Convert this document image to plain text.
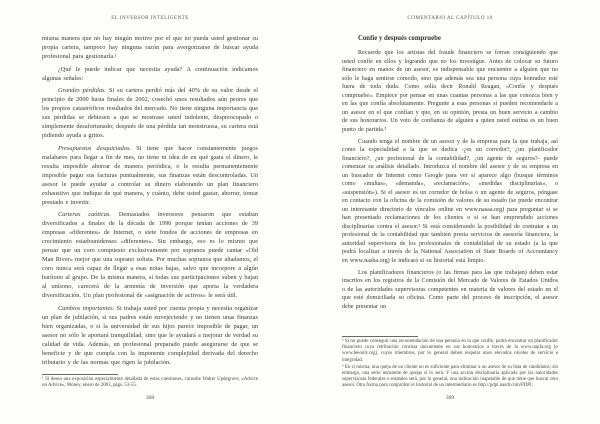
EL INVERSOR INTELIGENTE

misma manera que no hay ningún motivo por el que no pueda usted gestionar su propia cartera, tampoco hay ninguna razón para avergonzarse de buscar ayuda profesional para gestionarla.¹

¿Qué le puede indicar que necesita ayuda? A continuación indicamos algunas señales:

Grandes pérdidas. Si su cartera perdió más del 40% de su valor desde el principio de 2000 hasta finales de 2002, cosechó unos resultados aún peores que los propios catastróficos resultados del mercado. No tiene ninguna importancia que sus pérdidas se debiesen a que se mostrase usted indolente, despreocupado o simplemente desafortunado; después de una pérdida tan monstruosa, su cartera está pidiendo ayuda a gritos.

Presupuestos desquiciados. Si tiene que hacer constantemente juegos malabares para llegar a fin de mes, no tiene ni idea de en qué gasta el dinero, le resulta imposible ahorrar de manera periódica, o le resulta permanentemente imposible pagar sus facturas puntualmente, sus finanzas están descontroladas. Un asesor le puede ayudar a controlar su dinero elaborando un plan financiero exhaustivo que indique de qué manera, y cuánto, debe usted gastar, ahorrar, tomar prestado e invertir.

Carteras caóticas. Demasiados inversores pensaron que estaban diversificados a finales de la década de 1990 porque tenían acciones de 39 empresas «diferentes» de Internet, o siete fondos de acciones de empresas en crecimiento estadounidenses «diferentes». Sin embargo, eso es lo mismo que pensar que un coro compuesto exclusivamente por sopranos puede cantar «Old Man River» mejor que una soprano solista. Por muchas sopranos que añadamos, el coro nunca será capaz de llegar a esas notas bajas, salvo que incorpore a algún barítono al grupo. De la misma manera, si todas sus participaciones suben y bajan al unísono, carecerá de la armonía de inversión que aporta la verdadera diversificación. Un plan profesional de «asignación de activos» le será útil.

Cambios importantes. Si trabaja usted por cuenta propia y necesita organizar un plan de jubilación, si sus padres están envejeciendo y no tienen unas finanzas bien organizadas, o si la universidad de sus hijos parece imposible de pagar, un asesor no sólo le aportará tranquilidad, sino que le ayudará a mejorar de verdad su calidad de vida. Además, un profesional preparado puede asegurarse de que se beneficie y de que cumpla con la imponente complejidad derivada del derecho tributario y de las normas que rigen la jubilación.

¹ Si desea una exposición especialmente detallada de estas cuestiones, consulte Walter Updegrave, «Advice on Advice», Money, enero de 2003, págs. 53-55.

308
COMENTARIO AL CAPÍTULO 10
Confíe y después compruebe

Recuerde que los artistas del fraude financiero se forran consiguiendo que usted confíe en ellos y logrando que no los investigue. Antes de colocar su futuro financiero en manos de un asesor, es indispensable que encuentre a alguien que no sólo le haga sentirse cómodo, sino que además sea una persona cuya honradez esté fuera de toda duda. Como solía decir Ronald Reagan, «Confíe y después compruebe». Empiece por pensar en unas cuantas personas a las que conozca bien y en las que confía absolutamente. Pregunte a esas personas si pueden recomendarle a un asesor en el que confían y que, en su opinión, presta un buen servicio a cambio de sus honorarios. Un voto de confianza de alguien a quien usted estima es un buen punto de partida.²

Cuando tenga el nombre de un asesor y de la empresa para la que trabaja, así como la especialidad a la que se dedica -¿es un corredor?, ¿un planificador financiero?, ¿un profesional de la contabilidad?, ¿un agente de seguros?- puede comenzar su análisis detallado. Introduzca el nombre del asesor y de su empresa en un buscador de Internet como Google para ver si aparece algo (busque términos como «multas», «demanda», «reclamación», «medidas disciplinarias», o «suspensión»). Si el asesor es un corredor de bolsa o un agente de seguros, póngase en contacto con la oficina de la comisión de valores de su estado (se puede encontrar un interesante directorio de vínculos online en www.nasaa.org) para preguntar si se han presentado reclamaciones de los clientes o si se han emprendido acciones disciplinarias contra el asesor.³ Si está considerando la posibilidad de contratar a un profesional de la contabilidad que también presta servicios de asesoría financiera, la autoridad supervisora de los profesionales de contabilidad de su estado (a la que podrá localizar a través de la National Association of State Boards of Accountancy en www.nasba.org) le indicará si su historial está limpio.

Los planificadores financieros (o las firmas para las que trabajan) deben estar inscritos en los registros de la Comisión del Mercado de Valores de Estados Unidos o de las autoridades supervisoras competentes en materia de valores del estado en el que esté domiciliada su oficina. Como parte del proceso de inscripción, el asesor debe presentar un

² Si no puede conseguir una recomendación de una persona en la que confíe, podrá encontrar un planificador financiero cuya retribución consista únicamente en sus honorarios a través de la www.napfa.org (o www.feeonly.org), cuyos miembros, por lo general deben respetar unos elevados niveles de servicio e integridad.

³ En sí misma, una queja de un cliente no es suficiente para eliminar a un asesor de su lista de candidatos; sin embargo, una serie insistente de quejas sí lo será. Y una acción disciplinaria aplicada por las autoridades supervisoras federales o estatales será, por lo general, una indicación inapelable de que tiene que buscar otro asesor. Otra forma para comprobar el historial de un intermediario es http://pdpi.nasdr.com/PDPI.

309
